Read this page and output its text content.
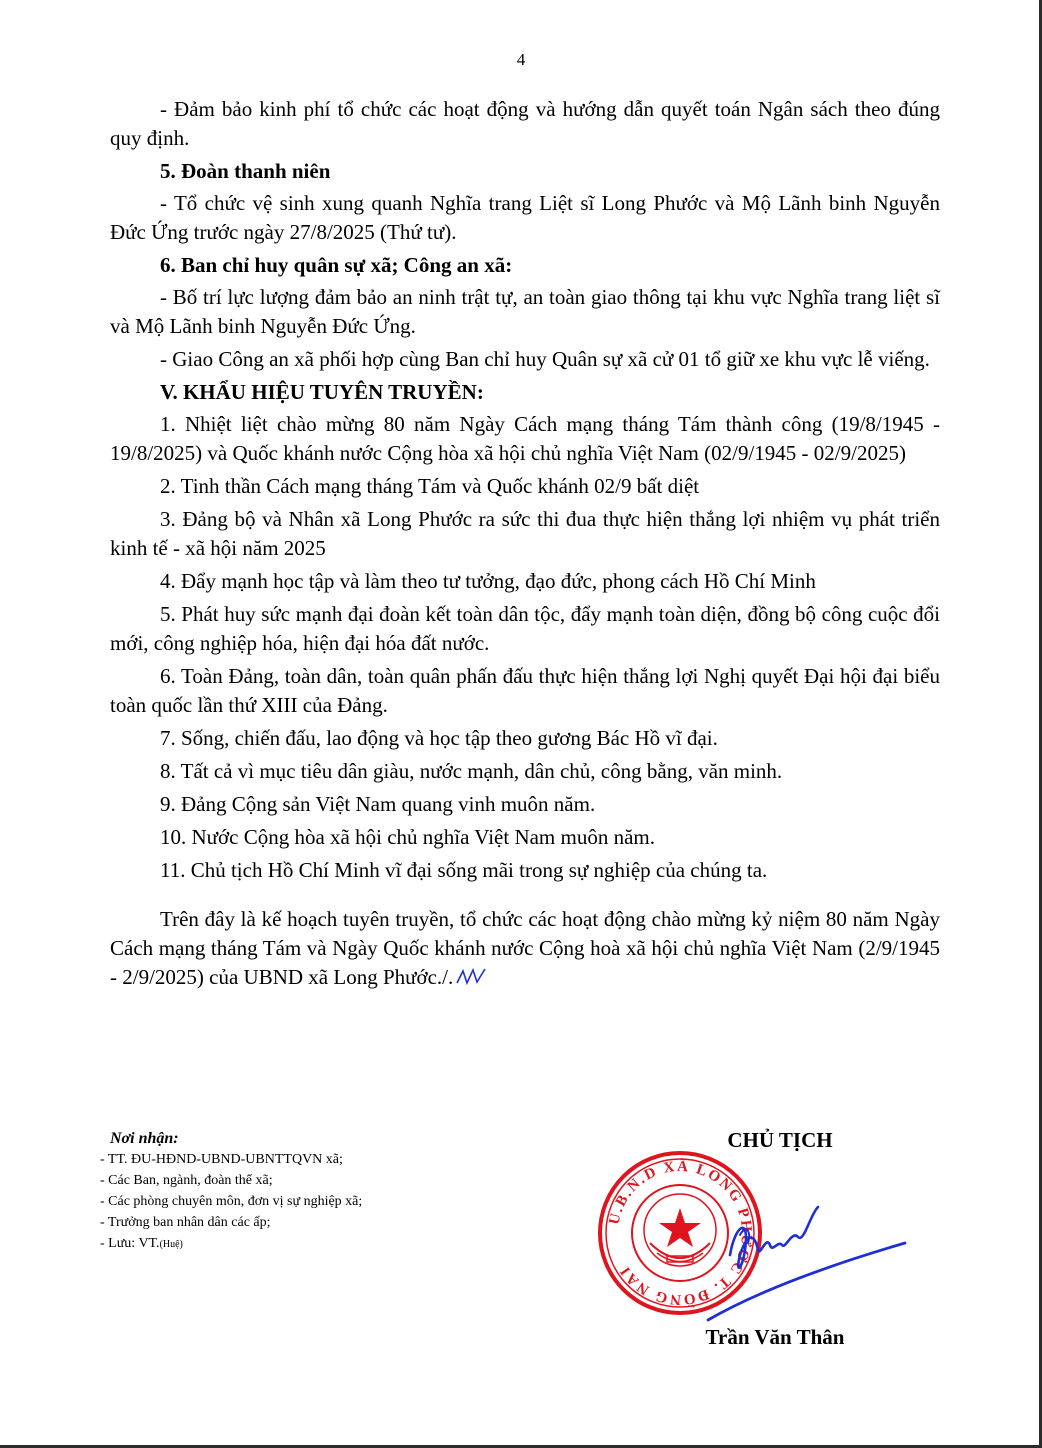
4

- Đảm bảo kinh phí tổ chức các hoạt động và hướng dẫn quyết toán Ngân sách theo đúng quy định.

5. Đoàn thanh niên

- Tổ chức vệ sinh xung quanh Nghĩa trang Liệt sĩ Long Phước và Mộ Lãnh binh Nguyễn Đức Ứng trước ngày 27/8/2025 (Thứ tư).

6. Ban chỉ huy quân sự xã; Công an xã:

- Bố trí lực lượng đảm bảo an ninh trật tự, an toàn giao thông tại khu vực Nghĩa trang liệt sĩ và Mộ Lãnh binh Nguyễn Đức Ứng.

- Giao Công an xã phối hợp cùng Ban chỉ huy Quân sự xã cử 01 tổ giữ xe khu vực lễ viếng.

V. KHẨU HIỆU TUYÊN TRUYỀN:

1. Nhiệt liệt chào mừng 80 năm Ngày Cách mạng tháng Tám thành công (19/8/1945 - 19/8/2025) và Quốc khánh nước Cộng hòa xã hội chủ nghĩa Việt Nam (02/9/1945 - 02/9/2025)

2. Tinh thần Cách mạng tháng Tám và Quốc khánh 02/9 bất diệt

3. Đảng bộ và Nhân xã Long Phước ra sức thi đua thực hiện thắng lợi nhiệm vụ phát triển kinh tế - xã hội năm 2025

4. Đẩy mạnh học tập và làm theo tư tưởng, đạo đức, phong cách Hồ Chí Minh

5. Phát huy sức mạnh đại đoàn kết toàn dân tộc, đẩy mạnh toàn diện, đồng bộ công cuộc đổi mới, công nghiệp hóa, hiện đại hóa đất nước.

6. Toàn Đảng, toàn dân, toàn quân phấn đấu thực hiện thắng lợi Nghị quyết Đại hội đại biểu toàn quốc lần thứ XIII của Đảng.

7. Sống, chiến đấu, lao động và học tập theo gương Bác Hồ vĩ đại.

8. Tất cả vì mục tiêu dân giàu, nước mạnh, dân chủ, công bằng, văn minh.

9. Đảng Cộng sản Việt Nam quang vinh muôn năm.

10. Nước Cộng hòa xã hội chủ nghĩa Việt Nam muôn năm.

11. Chủ tịch Hồ Chí Minh vĩ đại sống mãi trong sự nghiệp của chúng ta.

Trên đây là kế hoạch tuyên truyền, tổ chức các hoạt động chào mừng kỷ niệm 80 năm Ngày Cách mạng tháng Tám và Ngày Quốc khánh nước Cộng hoà xã hội chủ nghĩa Việt Nam (2/9/1945 - 2/9/2025) của UBND xã Long Phước./.

Nơi nhận:
- TT. ĐU-HĐND-UBND-UBNTTQVN xã;
- Các Ban, ngành, đoàn thể xã;
- Các phòng chuyên môn, đơn vị sự nghiệp xã;
- Trưởng ban nhân dân các ấp;
- Lưu: VT.(Huệ)
CHỦ TỊCH
U.B.N.D XÃ LONG PHƯỚC T. ĐỒNG NAI
Trần Văn Thân
